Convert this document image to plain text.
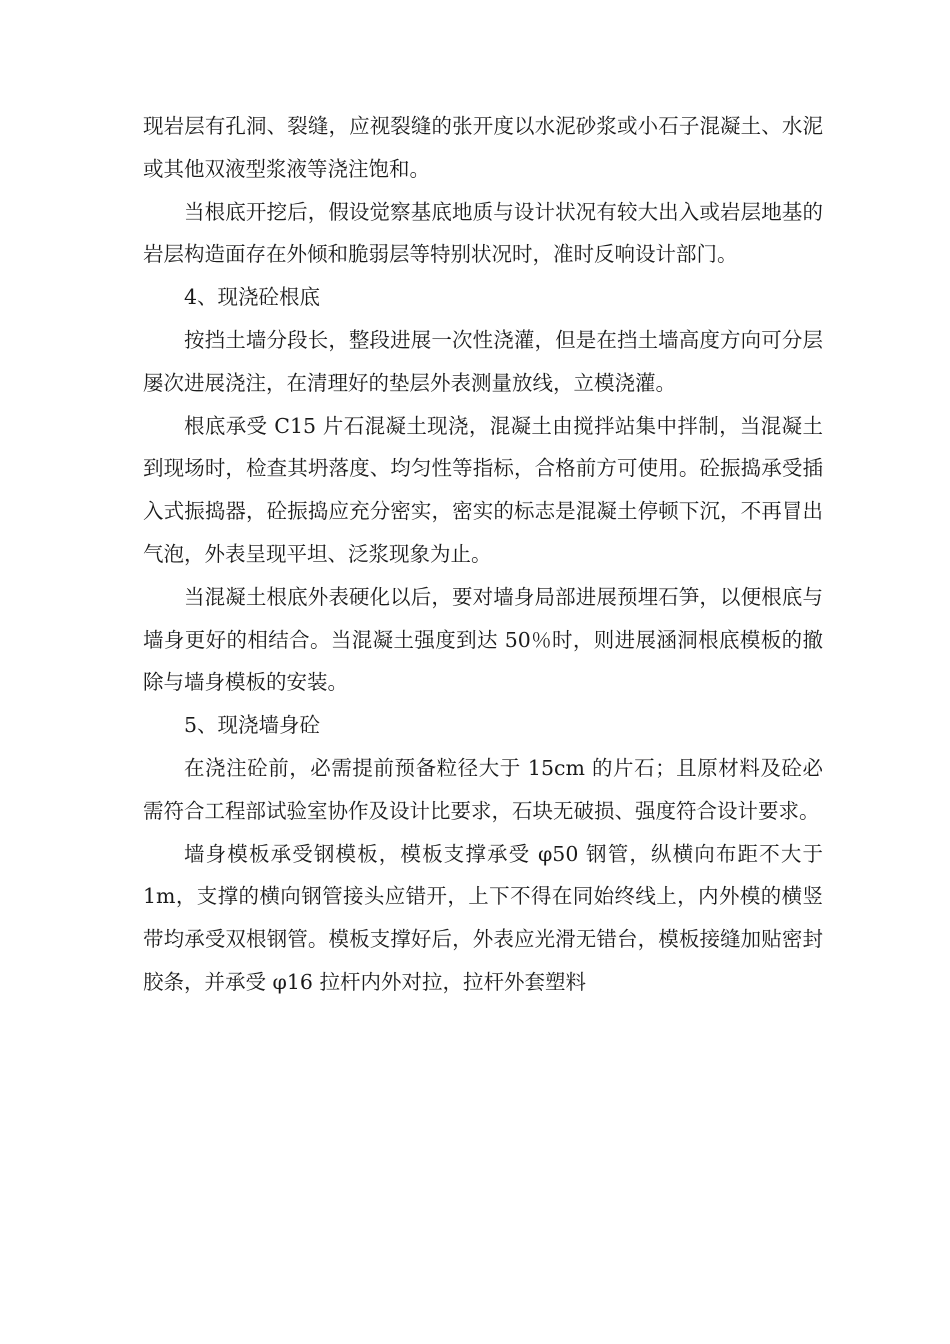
现岩层有孔洞、裂缝，应视裂缝的张开度以水泥砂浆或小石子混凝土、水泥或其他双液型浆液等浇注饱和。

当根底开挖后，假设觉察基底地质与设计状况有较大出入或岩层地基的岩层构造面存在外倾和脆弱层等特别状况时，准时反响设计部门。

4、现浇砼根底

按挡土墙分段长，整段进展一次性浇灌，但是在挡土墙高度方向可分层屡次进展浇注，在清理好的垫层外表测量放线，立模浇灌。

根底承受 C15 片石混凝土现浇，混凝土由搅拌站集中拌制，当混凝土到现场时，检查其坍落度、均匀性等指标，合格前方可使用。砼振捣承受插入式振捣器，砼振捣应充分密实，密实的标志是混凝土停顿下沉，不再冒出气泡，外表呈现平坦、泛浆现象为止。

当混凝土根底外表硬化以后，要对墙身局部进展预埋石笋，以便根底与墙身更好的相结合。当混凝土强度到达 50％时，则进展涵洞根底模板的撤除与墙身模板的安装。

5、现浇墙身砼

在浇注砼前，必需提前预备粒径大于 15cm 的片石；且原材料及砼必需符合工程部试验室协作及设计比要求，石块无破损、强度符合设计要求。

墙身模板承受钢模板，模板支撑承受 φ50 钢管，纵横向布距不大于 1m，支撑的横向钢管接头应错开，上下不得在同始终线上，内外模的横竖带均承受双根钢管。模板支撑好后，外表应光滑无错台，模板接缝加贴密封胶条，并承受 φ16 拉杆内外对拉，拉杆外套塑料
